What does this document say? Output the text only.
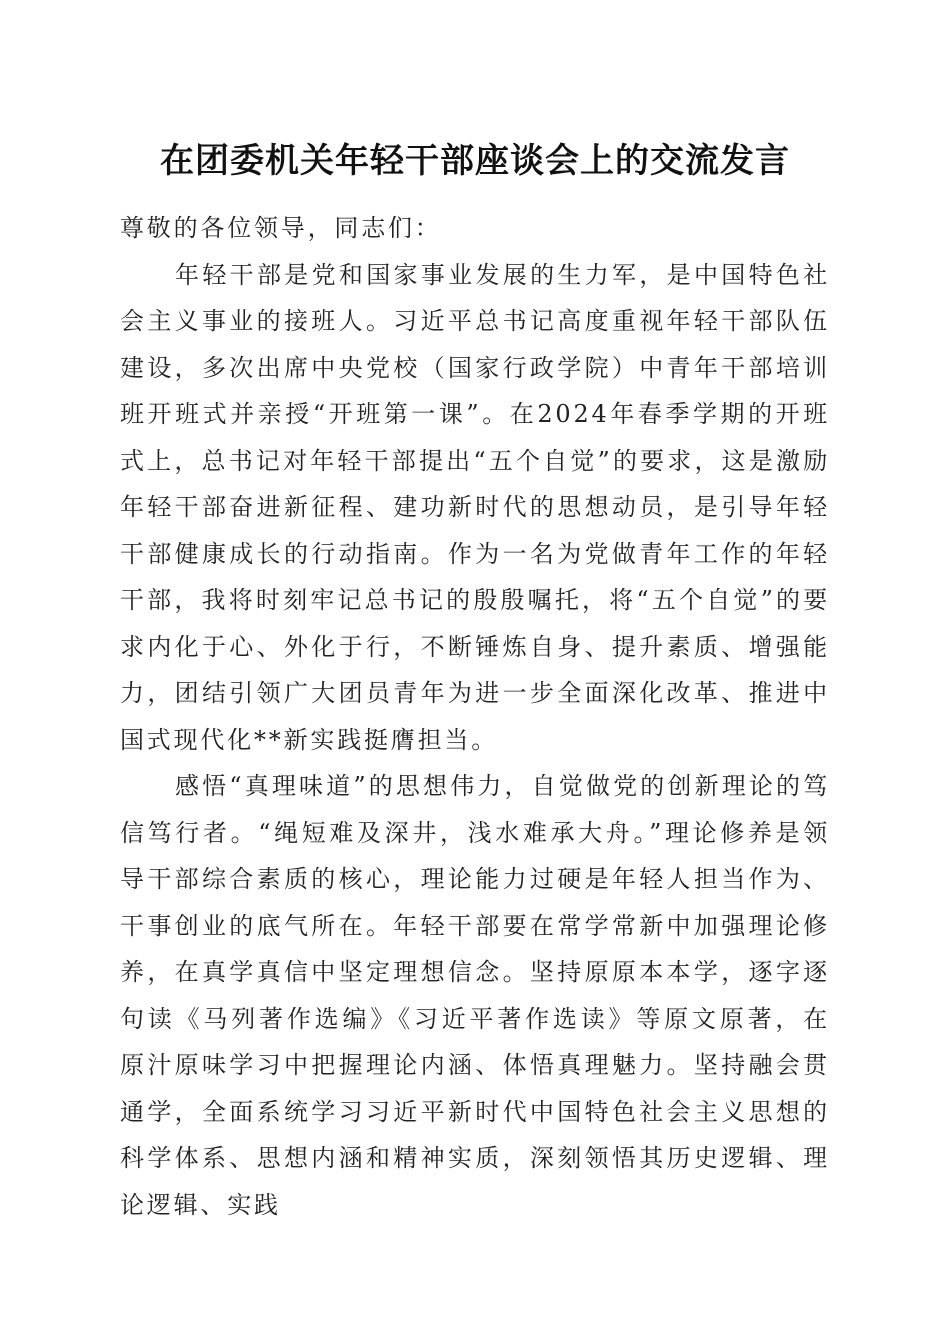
在团委机关年轻干部座谈会上的交流发言

尊敬的各位领导，同志们：

年轻干部是党和国家事业发展的生力军，是中国特色社会主义事业的接班人。习近平总书记高度重视年轻干部队伍建设，多次出席中央党校（国家行政学院）中青年干部培训班开班式并亲授“开班第一课”。在2024年春季学期的开班式上，总书记对年轻干部提出“五个自觉”的要求，这是激励年轻干部奋进新征程、建功新时代的思想动员，是引导年轻干部健康成长的行动指南。作为一名为党做青年工作的年轻干部，我将时刻牢记总书记的殷殷嘱托，将“五个自觉”的要求内化于心、外化于行，不断锤炼自身、提升素质、增强能力，团结引领广大团员青年为进一步全面深化改革、推进中国式现代化**新实践挺膺担当。

感悟“真理味道”的思想伟力，自觉做党的创新理论的笃信笃行者。“绳短难及深井，浅水难承大舟。”理论修养是领导干部综合素质的核心，理论能力过硬是年轻人担当作为、干事创业的底气所在。年轻干部要在常学常新中加强理论修养，在真学真信中坚定理想信念。坚持原原本本学，逐字逐句读《马列著作选编》《习近平著作选读》等原文原著，在原汁原味学习中把握理论内涵、体悟真理魅力。坚持融会贯通学，全面系统学习习近平新时代中国特色社会主义思想的科学体系、思想内涵和精神实质，深刻领悟其历史逻辑、理论逻辑、实践
